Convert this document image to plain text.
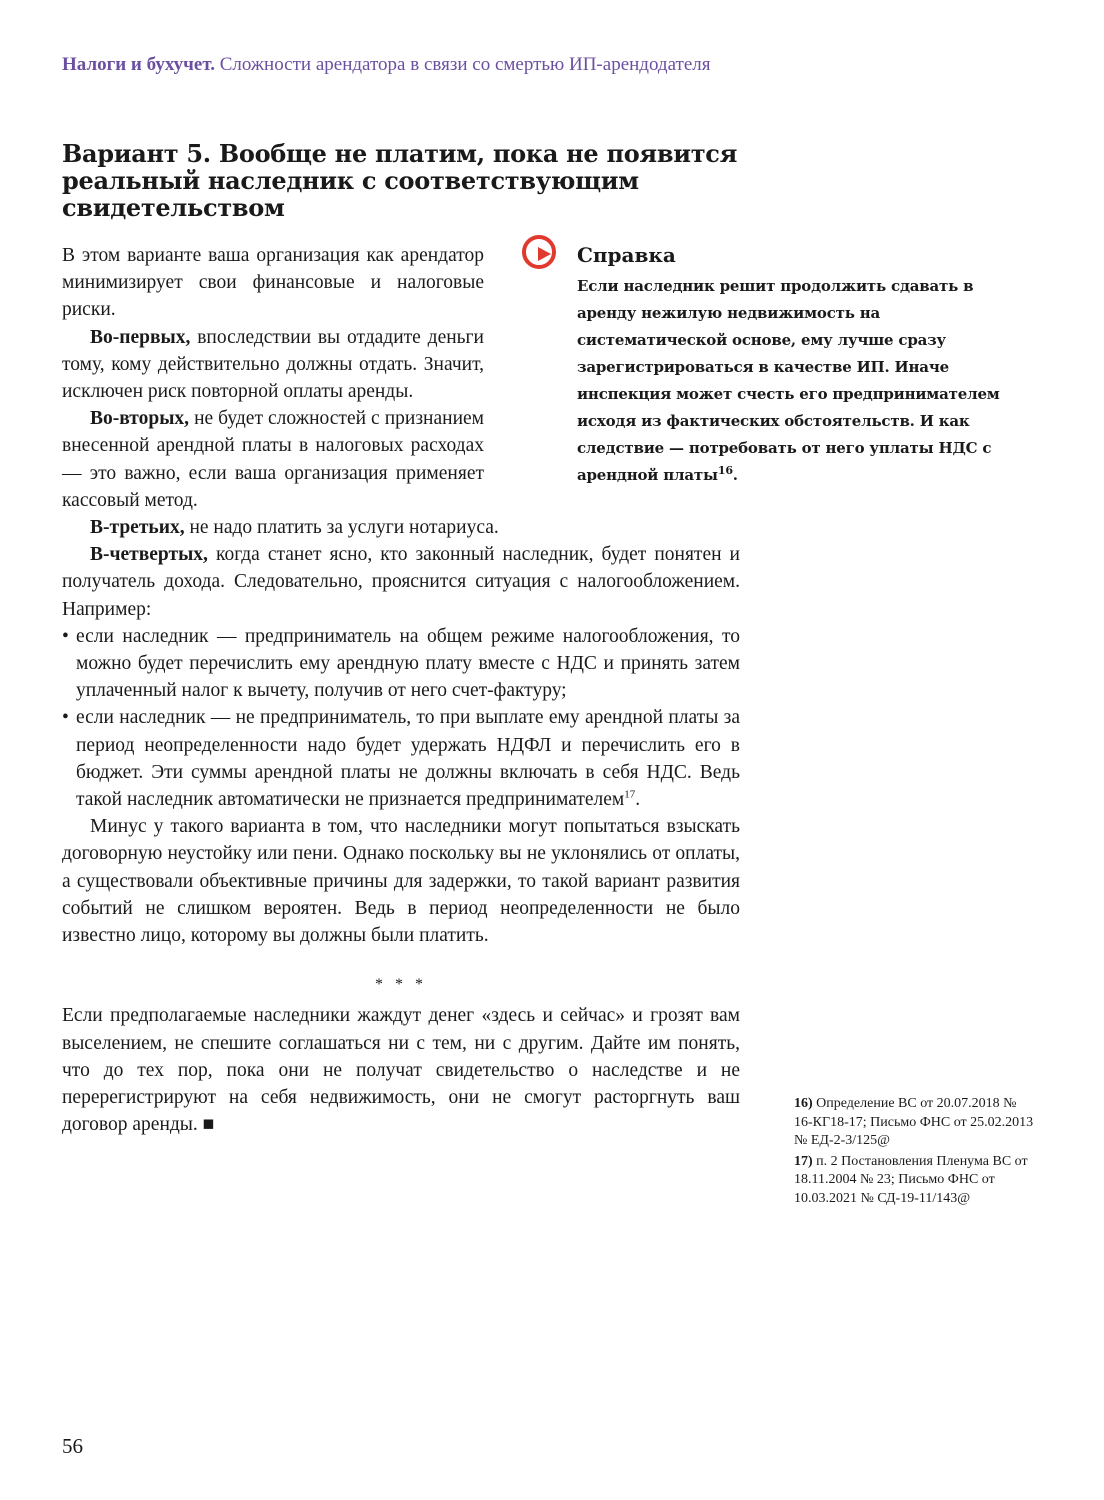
Налоги и бухучет. Сложности арендатора в связи со смертью ИП-арендодателя
Вариант 5. Вообще не платим, пока не появится реальный наследник с соответствующим свидетельством

В этом варианте ваша организация как арендатор минимизирует свои финансовые и налоговые риски.

Во-первых, впоследствии вы отдадите деньги тому, кому действительно должны отдать. Значит, исключен риск повторной оплаты аренды.

Во-вторых, не будет сложностей с признанием внесенной арендной платы в налоговых расходах — это важно, если ваша организация применяет кассовый метод.

В-третьих, не надо платить за услуги нотариуса.

В-четвертых, когда станет ясно, кто законный наследник, будет понятен и получатель дохода. Следовательно, прояснится ситуация с налогообложением. Например:

• если наследник — предприниматель на общем режиме налогообложения, то можно будет перечислить ему арендную плату вместе с НДС и принять затем уплаченный налог к вычету, получив от него счет-фактуру;
• если наследник — не предприниматель, то при выплате ему арендной платы за период неопределенности надо будет удержать НДФЛ и перечислить его в бюджет. Эти суммы арендной платы не должны включать в себя НДС. Ведь такой наследник автоматически не признается предпринимателем$^{17}$.

Минус у такого варианта в том, что наследники могут попытаться взыскать договорную неустойку или пени. Однако поскольку вы не уклонялись от оплаты, а существовали объективные причины для задержки, то такой вариант развития событий не слишком вероятен. Ведь в период неопределенности не было известно лицо, которому вы должны были платить.

* * *

Если предполагаемые наследники жаждут денег «здесь и сейчас» и грозят вам выселением, не спешите соглашаться ни с тем, ни с другим. Дайте им понять, что до тех пор, пока они не получат свидетельство о наследстве и не перерегистрируют на себя недвижимость, они не смогут расторгнуть ваш договор аренды. ■

Справка
Если наследник решит продолжить сдавать в аренду нежилую недвижимость на систематической основе, ему лучше сразу зарегистрироваться в качестве ИП. Иначе инспекция может счесть его предпринимателем исходя из фактических обстоятельств. И как следствие — потребовать от него уплаты НДС с арендной платы$^{16}$.

16) Определение ВС от 20.07.2018 № 16-КГ18-17; Письмо ФНС от 25.02.2013 № ЕД-2-3/125@

17) п. 2 Постановления Пленума ВС от 18.11.2004 № 23; Письмо ФНС от 10.03.2021 № СД-19-11/143@

56
